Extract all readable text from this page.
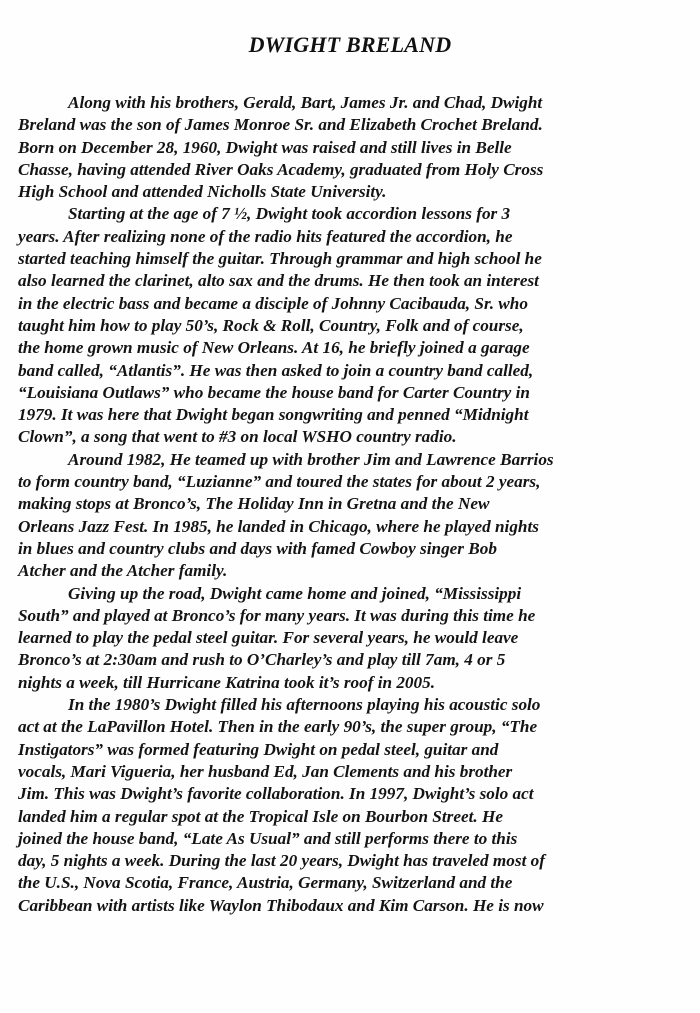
DWIGHT BRELAND
Along with his brothers, Gerald, Bart, James Jr. and Chad, Dwight
Breland was the son of James Monroe Sr. and Elizabeth Crochet Breland.
Born on December 28, 1960, Dwight was raised and still lives in Belle
Chasse, having attended River Oaks Academy, graduated from Holy Cross
High School and attended Nicholls State University.
Starting at the age of 7 ½, Dwight took accordion lessons for 3
years. After realizing none of the radio hits featured the accordion, he
started teaching himself the guitar. Through grammar and high school he
also learned the clarinet, alto sax and the drums. He then took an interest
in the electric bass and became a disciple of Johnny Cacibauda, Sr. who
taught him how to play 50’s, Rock & Roll, Country, Folk and of course,
the home grown music of New Orleans. At 16, he briefly joined a garage
band called, “Atlantis”. He was then asked to join a country band called,
“Louisiana Outlaws” who became the house band for Carter Country in
1979. It was here that Dwight began songwriting and penned “Midnight
Clown”, a song that went to #3 on local WSHO country radio.
Around 1982, He teamed up with brother Jim and Lawrence Barrios
to form country band, “Luzianne” and toured the states for about 2 years,
making stops at Bronco’s, The Holiday Inn in Gretna and the New
Orleans Jazz Fest. In 1985, he landed in Chicago, where he played nights
in blues and country clubs and days with famed Cowboy singer Bob
Atcher and the Atcher family.
Giving up the road, Dwight came home and joined, “Mississippi
South” and played at Bronco’s for many years. It was during this time he
learned to play the pedal steel guitar. For several years, he would leave
Bronco’s at 2:30am and rush to O’Charley’s and play till 7am, 4 or 5
nights a week, till Hurricane Katrina took it’s roof in 2005.
In the 1980’s Dwight filled his afternoons playing his acoustic solo
act at the LaPavillon Hotel. Then in the early 90’s, the super group, “The
Instigators” was formed featuring Dwight on pedal steel, guitar and
vocals, Mari Vigueria, her husband Ed, Jan Clements and his brother
Jim. This was Dwight’s favorite collaboration. In 1997, Dwight’s solo act
landed him a regular spot at the Tropical Isle on Bourbon Street. He
joined the house band, “Late As Usual” and still performs there to this
day, 5 nights a week. During the last 20 years, Dwight has traveled most of
the U.S., Nova Scotia, France, Austria, Germany, Switzerland and the
Caribbean with artists like Waylon Thibodaux and Kim Carson. He is now
